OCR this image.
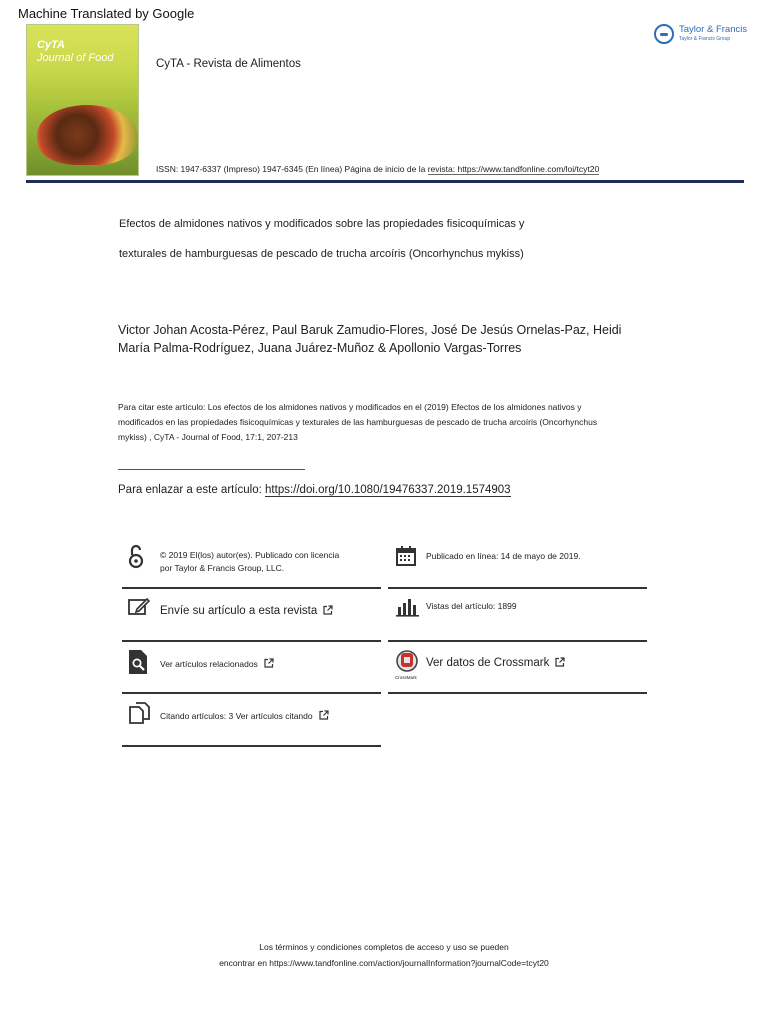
Machine Translated by Google
CyTA
Journal of Food	CyTA - Revista de Alimentos
Taylor & Francis
Taylor & Francis Group
ISSN: 1947-6337 (Impreso) 1947-6345 (En línea) Página de inicio de la revista: https://www.tandfonline.com/loi/tcyt20
Efectos de almidones nativos y modificados sobre las propiedades fisicoquímicas y
texturales de hamburguesas de pescado de trucha arcoíris (Oncorhynchus mykiss)
Victor Johan Acosta-Pérez, Paul Baruk Zamudio-Flores, José De Jesús Ornelas-Paz, Heidi María Palma-Rodríguez, Juana Juárez-Muñoz & Apollonio Vargas-Torres
Para citar este artículo: Los efectos de los almidones nativos y modificados en el (2019) Efectos de los almidones nativos y modificados en las propiedades fisicoquímicas y texturales de las hamburguesas de pescado de trucha arcoíris (Oncorhynchus mykiss) , CyTA - Journal of Food, 17:1, 207-213
Para enlazar a este artículo: https://doi.org/10.1080/19476337.2019.1574903
© 2019 El(los) autor(es). Publicado con licencia
por Taylor & Francis Group, LLC.
Publicado en línea: 14 de mayo de 2019.
Envíe su artículo a esta revista	Vistas del artículo: 1899
Ver artículos relacionados
CrossMark
Ver datos de Crossmark
Citando artículos: 3 Ver artículos citando
Los términos y condiciones completos de acceso y uso se pueden
encontrar en https://www.tandfonline.com/action/journalInformation?journalCode=tcyt20
